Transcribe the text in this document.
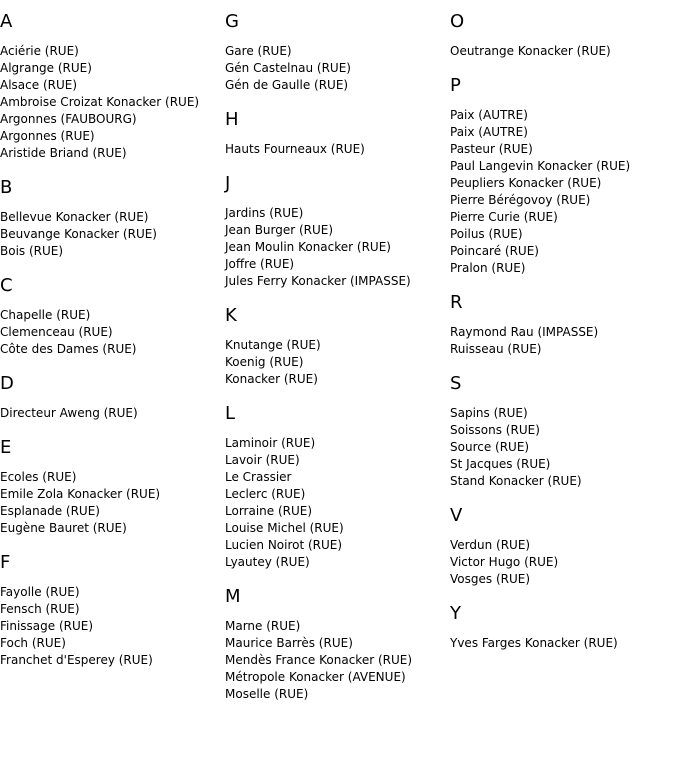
A
Aciérie (RUE)
Algrange (RUE)
Alsace (RUE)
Ambroise Croizat Konacker (RUE)
Argonnes (FAUBOURG)
Argonnes (RUE)
Aristide Briand (RUE)
B
Bellevue Konacker (RUE)
Beuvange Konacker (RUE)
Bois (RUE)
C
Chapelle (RUE)
Clemenceau (RUE)
Côte des Dames (RUE)
D
Directeur Aweng (RUE)
E
Ecoles (RUE)
Emile Zola Konacker (RUE)
Esplanade (RUE)
Eugène Bauret (RUE)
F
Fayolle (RUE)
Fensch (RUE)
Finissage (RUE)
Foch (RUE)
Franchet d'Esperey (RUE)
G
Gare (RUE)
Gén Castelnau (RUE)
Gén de Gaulle (RUE)
H
Hauts Fourneaux (RUE)
J
Jardins (RUE)
Jean Burger (RUE)
Jean Moulin Konacker (RUE)
Joffre (RUE)
Jules Ferry Konacker (IMPASSE)
K
Knutange (RUE)
Koenig (RUE)
Konacker (RUE)
L
Laminoir (RUE)
Lavoir (RUE)
Le Crassier
Leclerc (RUE)
Lorraine (RUE)
Louise Michel (RUE)
Lucien Noirot (RUE)
Lyautey (RUE)
M
Marne (RUE)
Maurice Barrès (RUE)
Mendès France Konacker (RUE)
Métropole Konacker (AVENUE)
Moselle (RUE)
O
Oeutrange Konacker (RUE)
P
Paix (AUTRE)
Paix (AUTRE)
Pasteur (RUE)
Paul Langevin Konacker (RUE)
Peupliers Konacker (RUE)
Pierre Bérégovoy (RUE)
Pierre Curie (RUE)
Poilus (RUE)
Poincaré (RUE)
Pralon (RUE)
R
Raymond Rau (IMPASSE)
Ruisseau (RUE)
S
Sapins (RUE)
Soissons (RUE)
Source (RUE)
St Jacques (RUE)
Stand Konacker (RUE)
V
Verdun (RUE)
Victor Hugo (RUE)
Vosges (RUE)
Y
Yves Farges Konacker (RUE)
